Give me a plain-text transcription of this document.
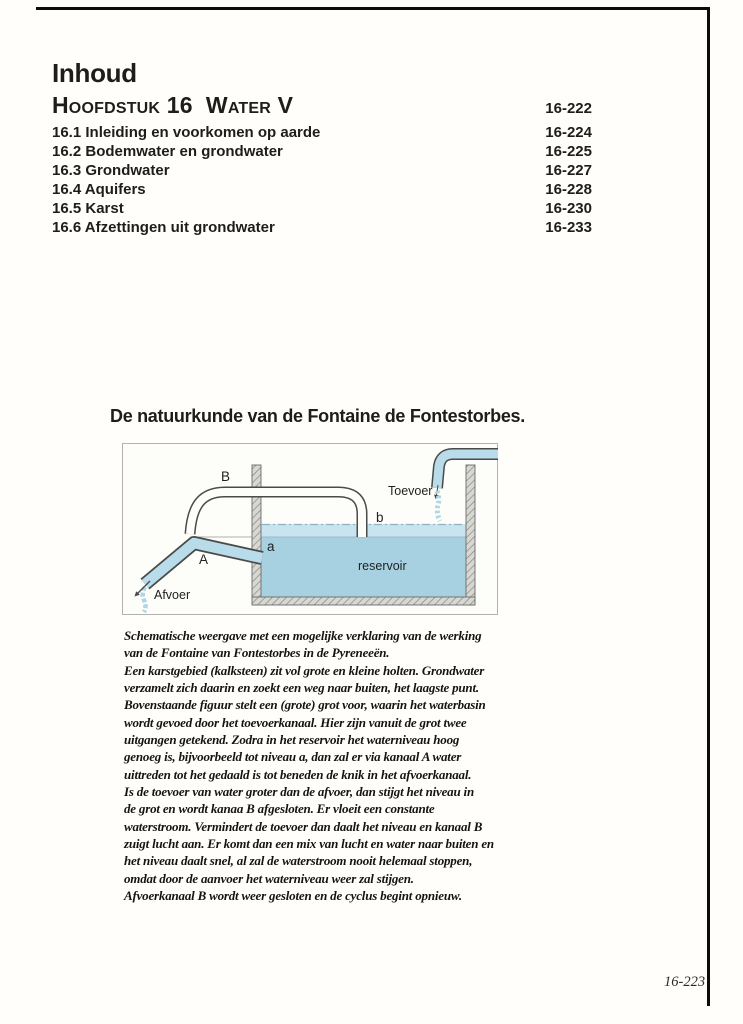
Inhoud
Hoofdstuk 16  Water V	16-222
16.1 Inleiding en voorkomen op aarde	16-224
16.2 Bodemwater en grondwater	16-225
16.3 Grondwater	16-227
16.4 Aquifers	16-228
16.5 Karst	16-230
16.6 Afzettingen uit grondwater	16-233
De natuurkunde van de Fontaine de Fontestorbes.
B
b
a
A
Afvoer
Toevoer
reservoir
Schematische weergave met een mogelijke verklaring van de werking
van de Fontaine van Fontestorbes in de Pyreneeën.
Een karstgebied (kalksteen) zit vol grote en kleine holten. Grondwater
verzamelt zich daarin en zoekt een weg naar buiten, het laagste punt.
Bovenstaande figuur stelt een (grote) grot voor, waarin het waterbasin
wordt gevoed door het toevoerkanaal. Hier zijn vanuit de grot twee
uitgangen getekend. Zodra in het reservoir het waterniveau hoog
genoeg is, bijvoorbeeld tot niveau a, dan zal er via kanaal A water
uittreden tot het gedaald is tot beneden de knik in het afvoerkanaal.
Is de toevoer van water groter dan de afvoer, dan stijgt het niveau in
de grot en wordt kanaa B afgesloten. Er vloeit een constante
waterstroom. Vermindert de toevoer dan daalt het niveau en kanaal B
zuigt lucht aan. Er komt dan een mix van lucht en water naar buiten en
het niveau daalt snel, al zal de waterstroom nooit helemaal stoppen,
omdat door de aanvoer het waterniveau weer zal stijgen.
Afvoerkanaal B wordt weer gesloten en de cyclus begint opnieuw.
16-223
